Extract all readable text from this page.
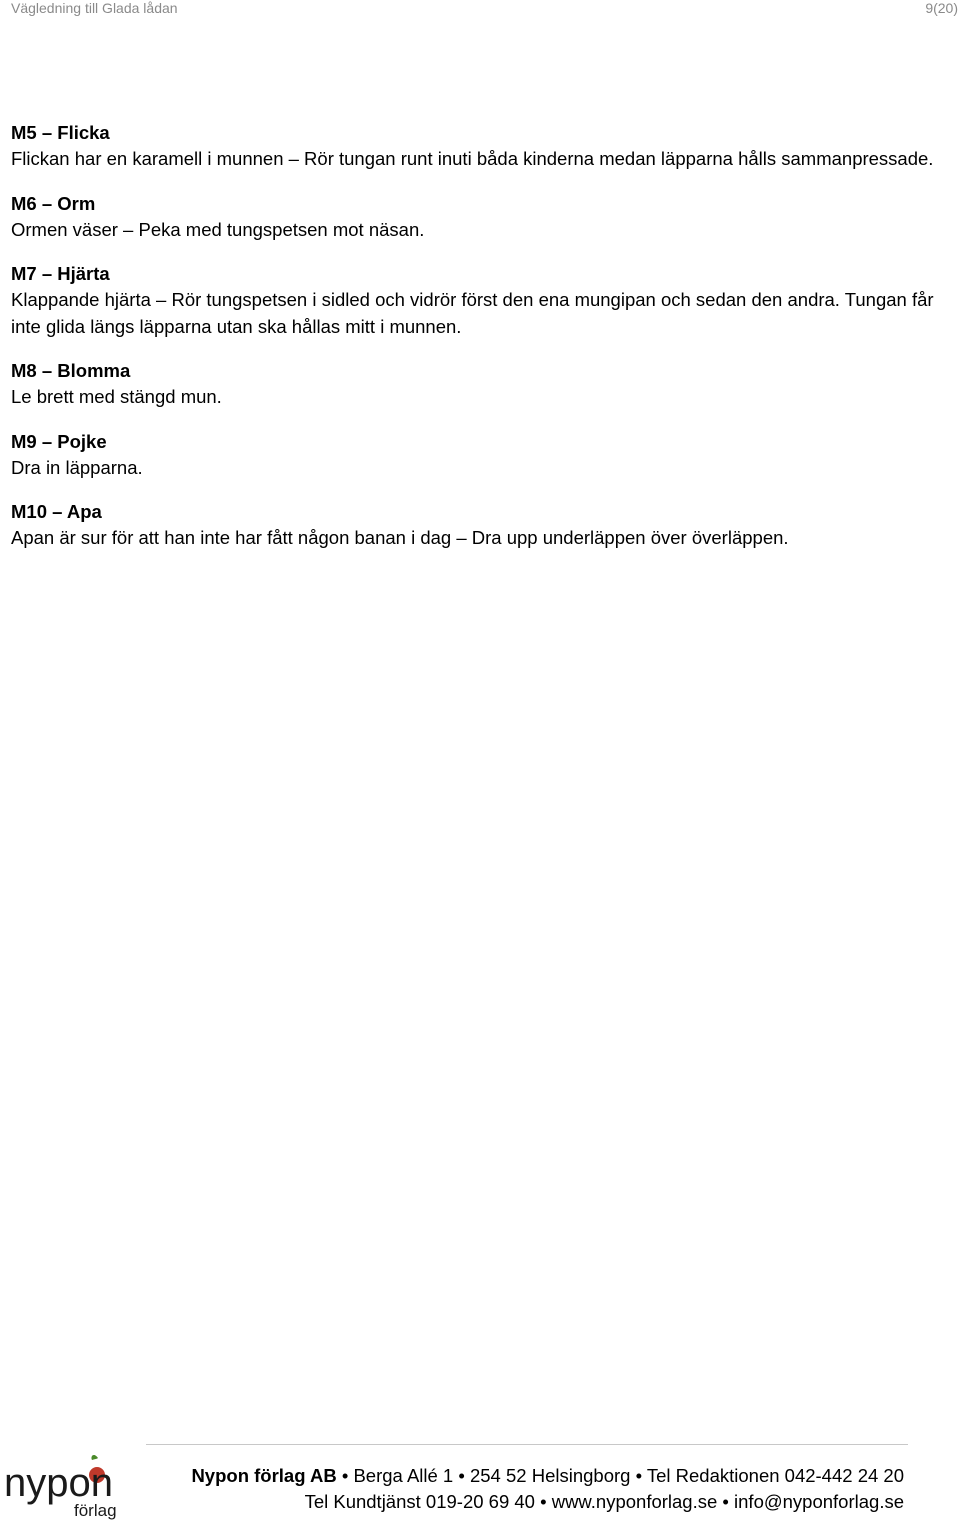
Vägledning till Glada lådan	9(20)

M5 – Flicka

Flickan har en karamell i munnen – Rör tungan runt inuti båda kinderna medan läpparna hålls sammanpressade.

M6 – Orm

Ormen väser – Peka med tungspetsen mot näsan.

M7 – Hjärta

Klappande hjärta – Rör tungspetsen i sidled och vidrör först den ena mungipan och sedan den andra. Tungan får inte glida längs läpparna utan ska hållas mitt i munnen.

M8 – Blomma

Le brett med stängd mun.

M9 – Pojke

Dra in läpparna.

M10 – Apa

Apan är sur för att han inte har fått någon banan i dag – Dra upp underläppen över överläppen.

nypon
förlag
Nypon förlag AB • Berga Allé 1 • 254 52 Helsingborg • Tel Redaktionen 042-442 24 20
Tel Kundtjänst 019-20 69 40 • www.nyponforlag.se • info@nyponforlag.se
